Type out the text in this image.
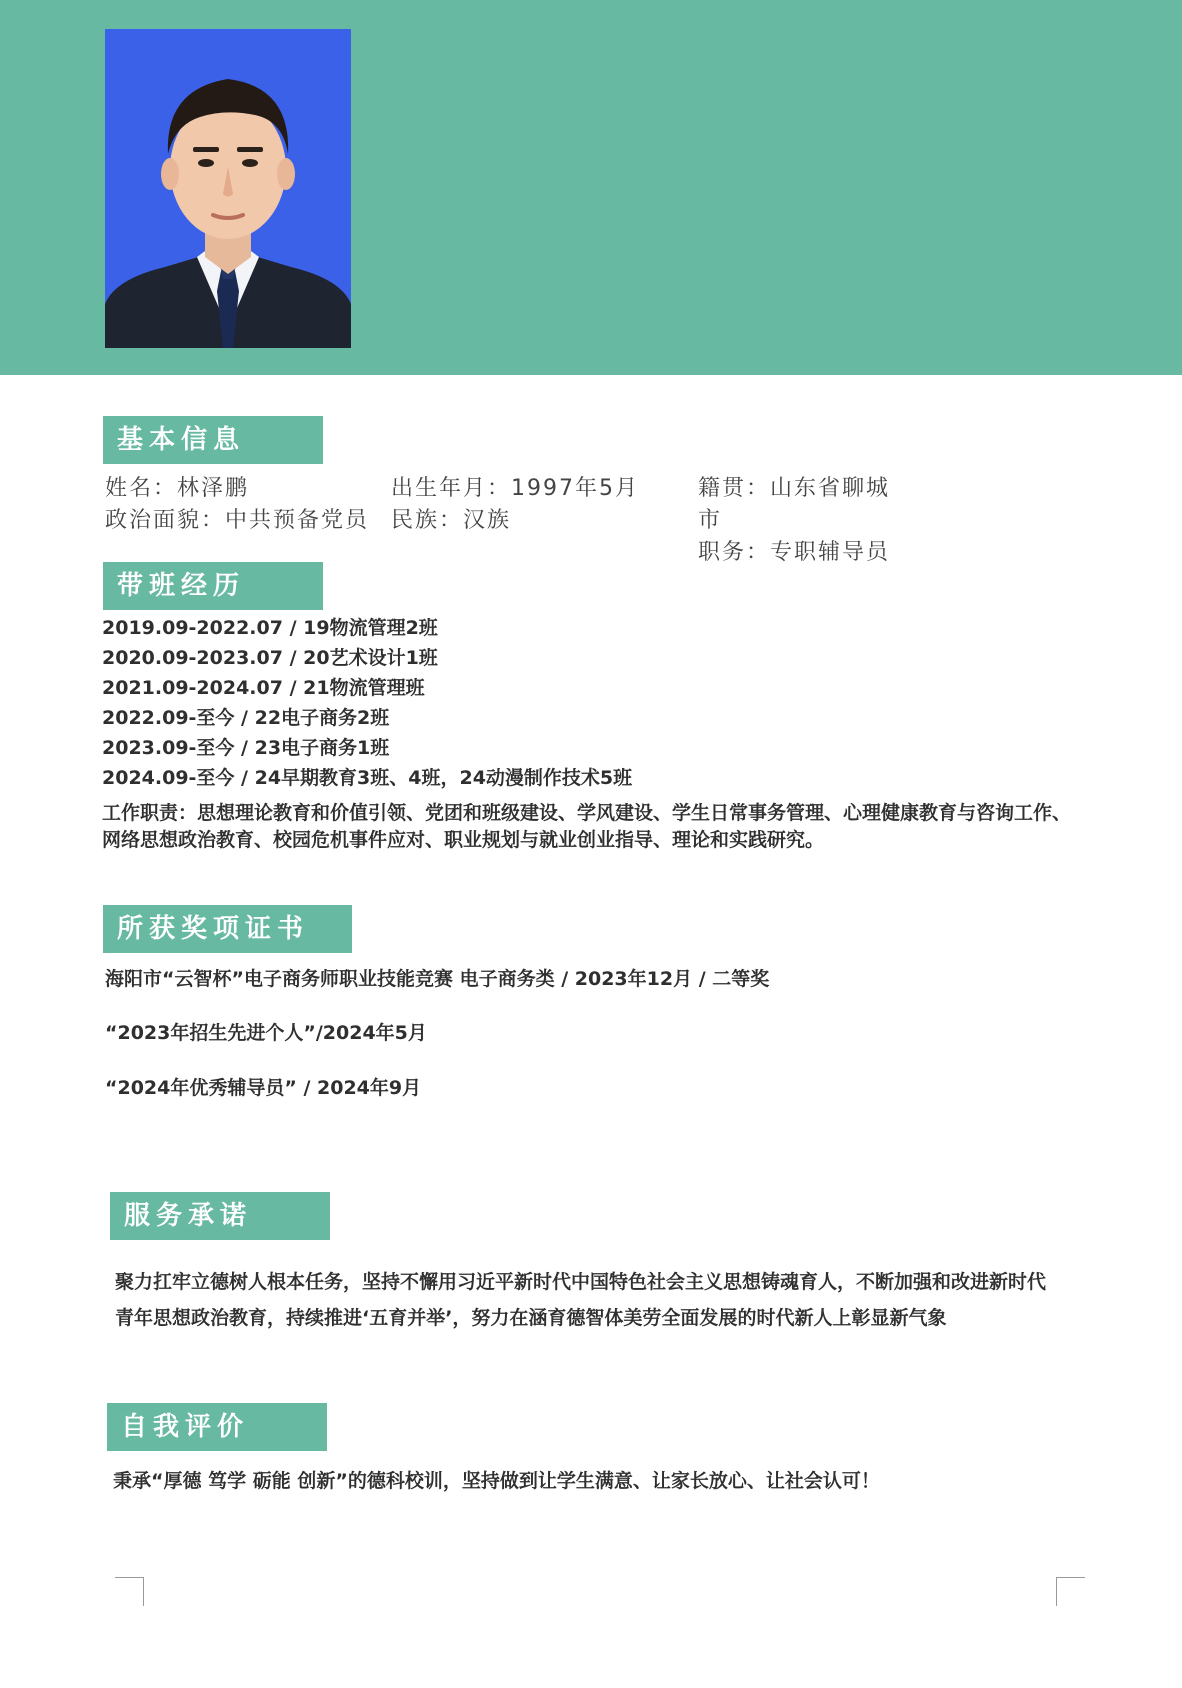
基本信息
姓名：林泽鹏
政治面貌：中共预备党员
出生年月：1997年5月
民族：汉族
籍贯：山东省聊城市
职务：专职辅导员
带班经历
2019.09-2022.07 / 19物流管理2班
2020.09-2023.07 / 20艺术设计1班
2021.09-2024.07 / 21物流管理班
2022.09-至今 / 22电子商务2班
2023.09-至今 / 23电子商务1班
2024.09-至今 / 24早期教育3班、4班，24动漫制作技术5班
工作职责：思想理论教育和价值引领、党团和班级建设、学风建设、学生日常事务管理、心理健康教育与咨询工作、网络思想政治教育、校园危机事件应对、职业规划与就业创业指导、理论和实践研究。
所获奖项证书
海阳市“云智杯”电子商务师职业技能竞赛 电子商务类 / 2023年12月 / 二等奖
“2023年招生先进个人”/2024年5月
“2024年优秀辅导员” / 2024年9月
服务承诺
聚力扛牢立德树人根本任务，坚持不懈用习近平新时代中国特色社会主义思想铸魂育人，不断加强和改进新时代青年思想政治教育，持续推进‘五育并举’，努力在涵育德智体美劳全面发展的时代新人上彰显新气象
自我评价
秉承“厚德 笃学 砺能 创新”的德科校训，坚持做到让学生满意、让家长放心、让社会认可！
